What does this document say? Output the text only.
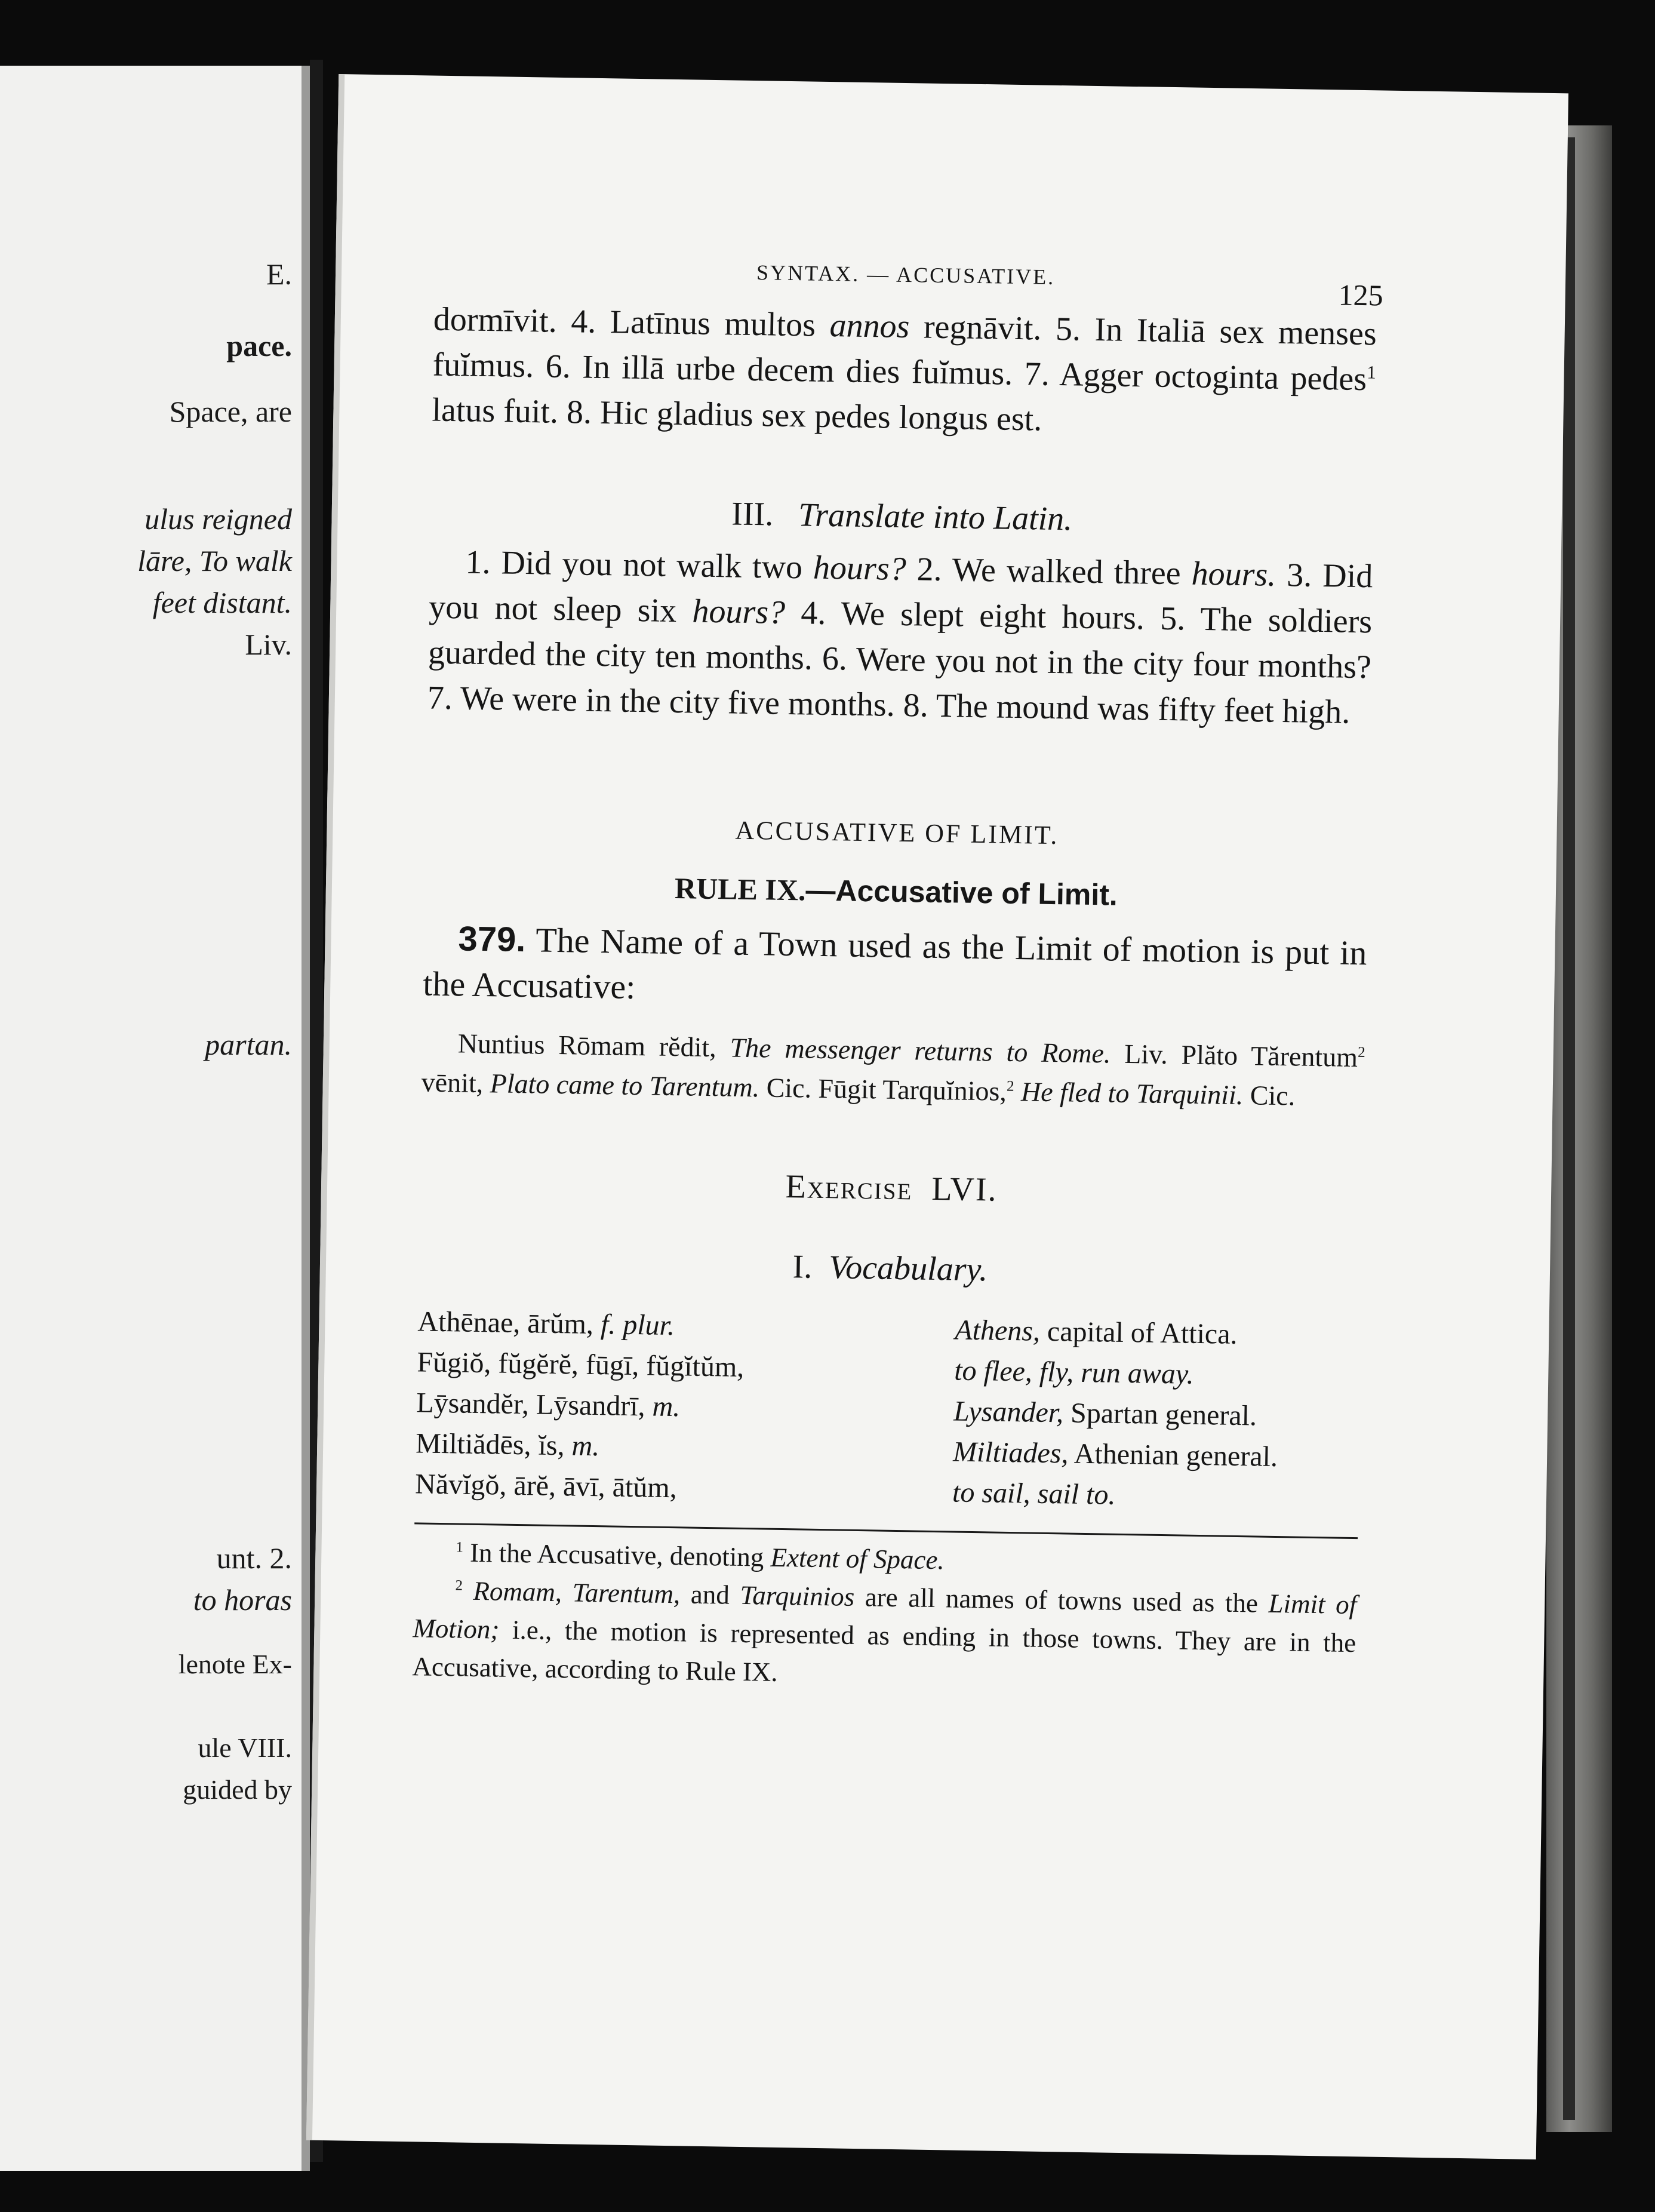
E.
pace.
Space, are
ulus reigned
lāre, To walk
feet distant.
Liv.
partan.
unt. 2.
to horas
lenote Ex-
ule VIII.
guided by
SYNTAX. — ACCUSATIVE.
125

dormīvit. 4. Latīnus multos annos regnāvit. 5. In Italiā sex menses fuĭmus. 6. In illā urbe decem dies fuĭmus. 7. Agger octoginta pedes$^1$ latus fuit. 8. Hic gladius sex pedes longus est.

III. Translate into Latin.

1. Did you not walk two hours? 2. We walked three hours. 3. Did you not sleep six hours? 4. We slept eight hours. 5. The soldiers guarded the city ten months. 6. Were you not in the city four months? 7. We were in the city five months. 8. The mound was fifty feet high.

ACCUSATIVE OF LIMIT.
RULE IX.—Accusative of Limit.

379. The Name of a Town used as the Limit of motion is put in the Accusative:

Nuntius Rōmam rĕdit, The messenger returns to Rome. Liv. Plăto Tărentum$^2$ vēnit, Plato came to Tarentum. Cic. Fūgit Tarquĭnios,$^2$ He fled to Tarquinii. Cic.

Exercise LVI.
I. Vocabulary.
Athēnae, ārŭm, f. plur.	Athens, capital of Attica.
Fŭgiŏ, fŭgĕrĕ, fūgī, fŭgĭtŭm,	to flee, fly, run away.
Lȳsandĕr, Lȳsandrī, m.	Lysander, Spartan general.
Miltiădēs, ĭs, m.	Miltiades, Athenian general.
Năvĭgŏ, ārĕ, āvī, ātŭm,	to sail, sail to.

$^1$ In the Accusative, denoting Extent of Space.

$^2$ Romam, Tarentum, and Tarquinios are all names of towns used as the Limit of Motion; i.e., the motion is represented as ending in those towns. They are in the Accusative, according to Rule IX.
